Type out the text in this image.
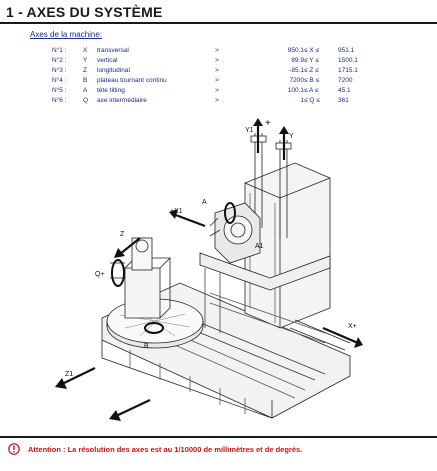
1 - AXES DU SYSTÈME
Axes de la machine:
N°1 :	X	transversal	>	950.1	≤ X ≤	951.1
N°2 :	Y	vertical	>	89.9	≤ Y ≤	1500.1
N°3 :	Z	longitudinal	>	-85.1	≤ Z ≤	1715.1
N°4 :	B	plateau tournant continu	>	7200	≤ B ≤	7200
N°5 :	A	tête tilting	>	100.1	≤ A ≤	45.1
N°6 :	Q	axe intermédiaire	>	1	≤ Q ≤	361
Y1
Y
+
A
A1
+X1
Q+
Z
B
Z1
X+
Attention : La résolution des axes est au 1/10000 de millimètres et de degrés.
